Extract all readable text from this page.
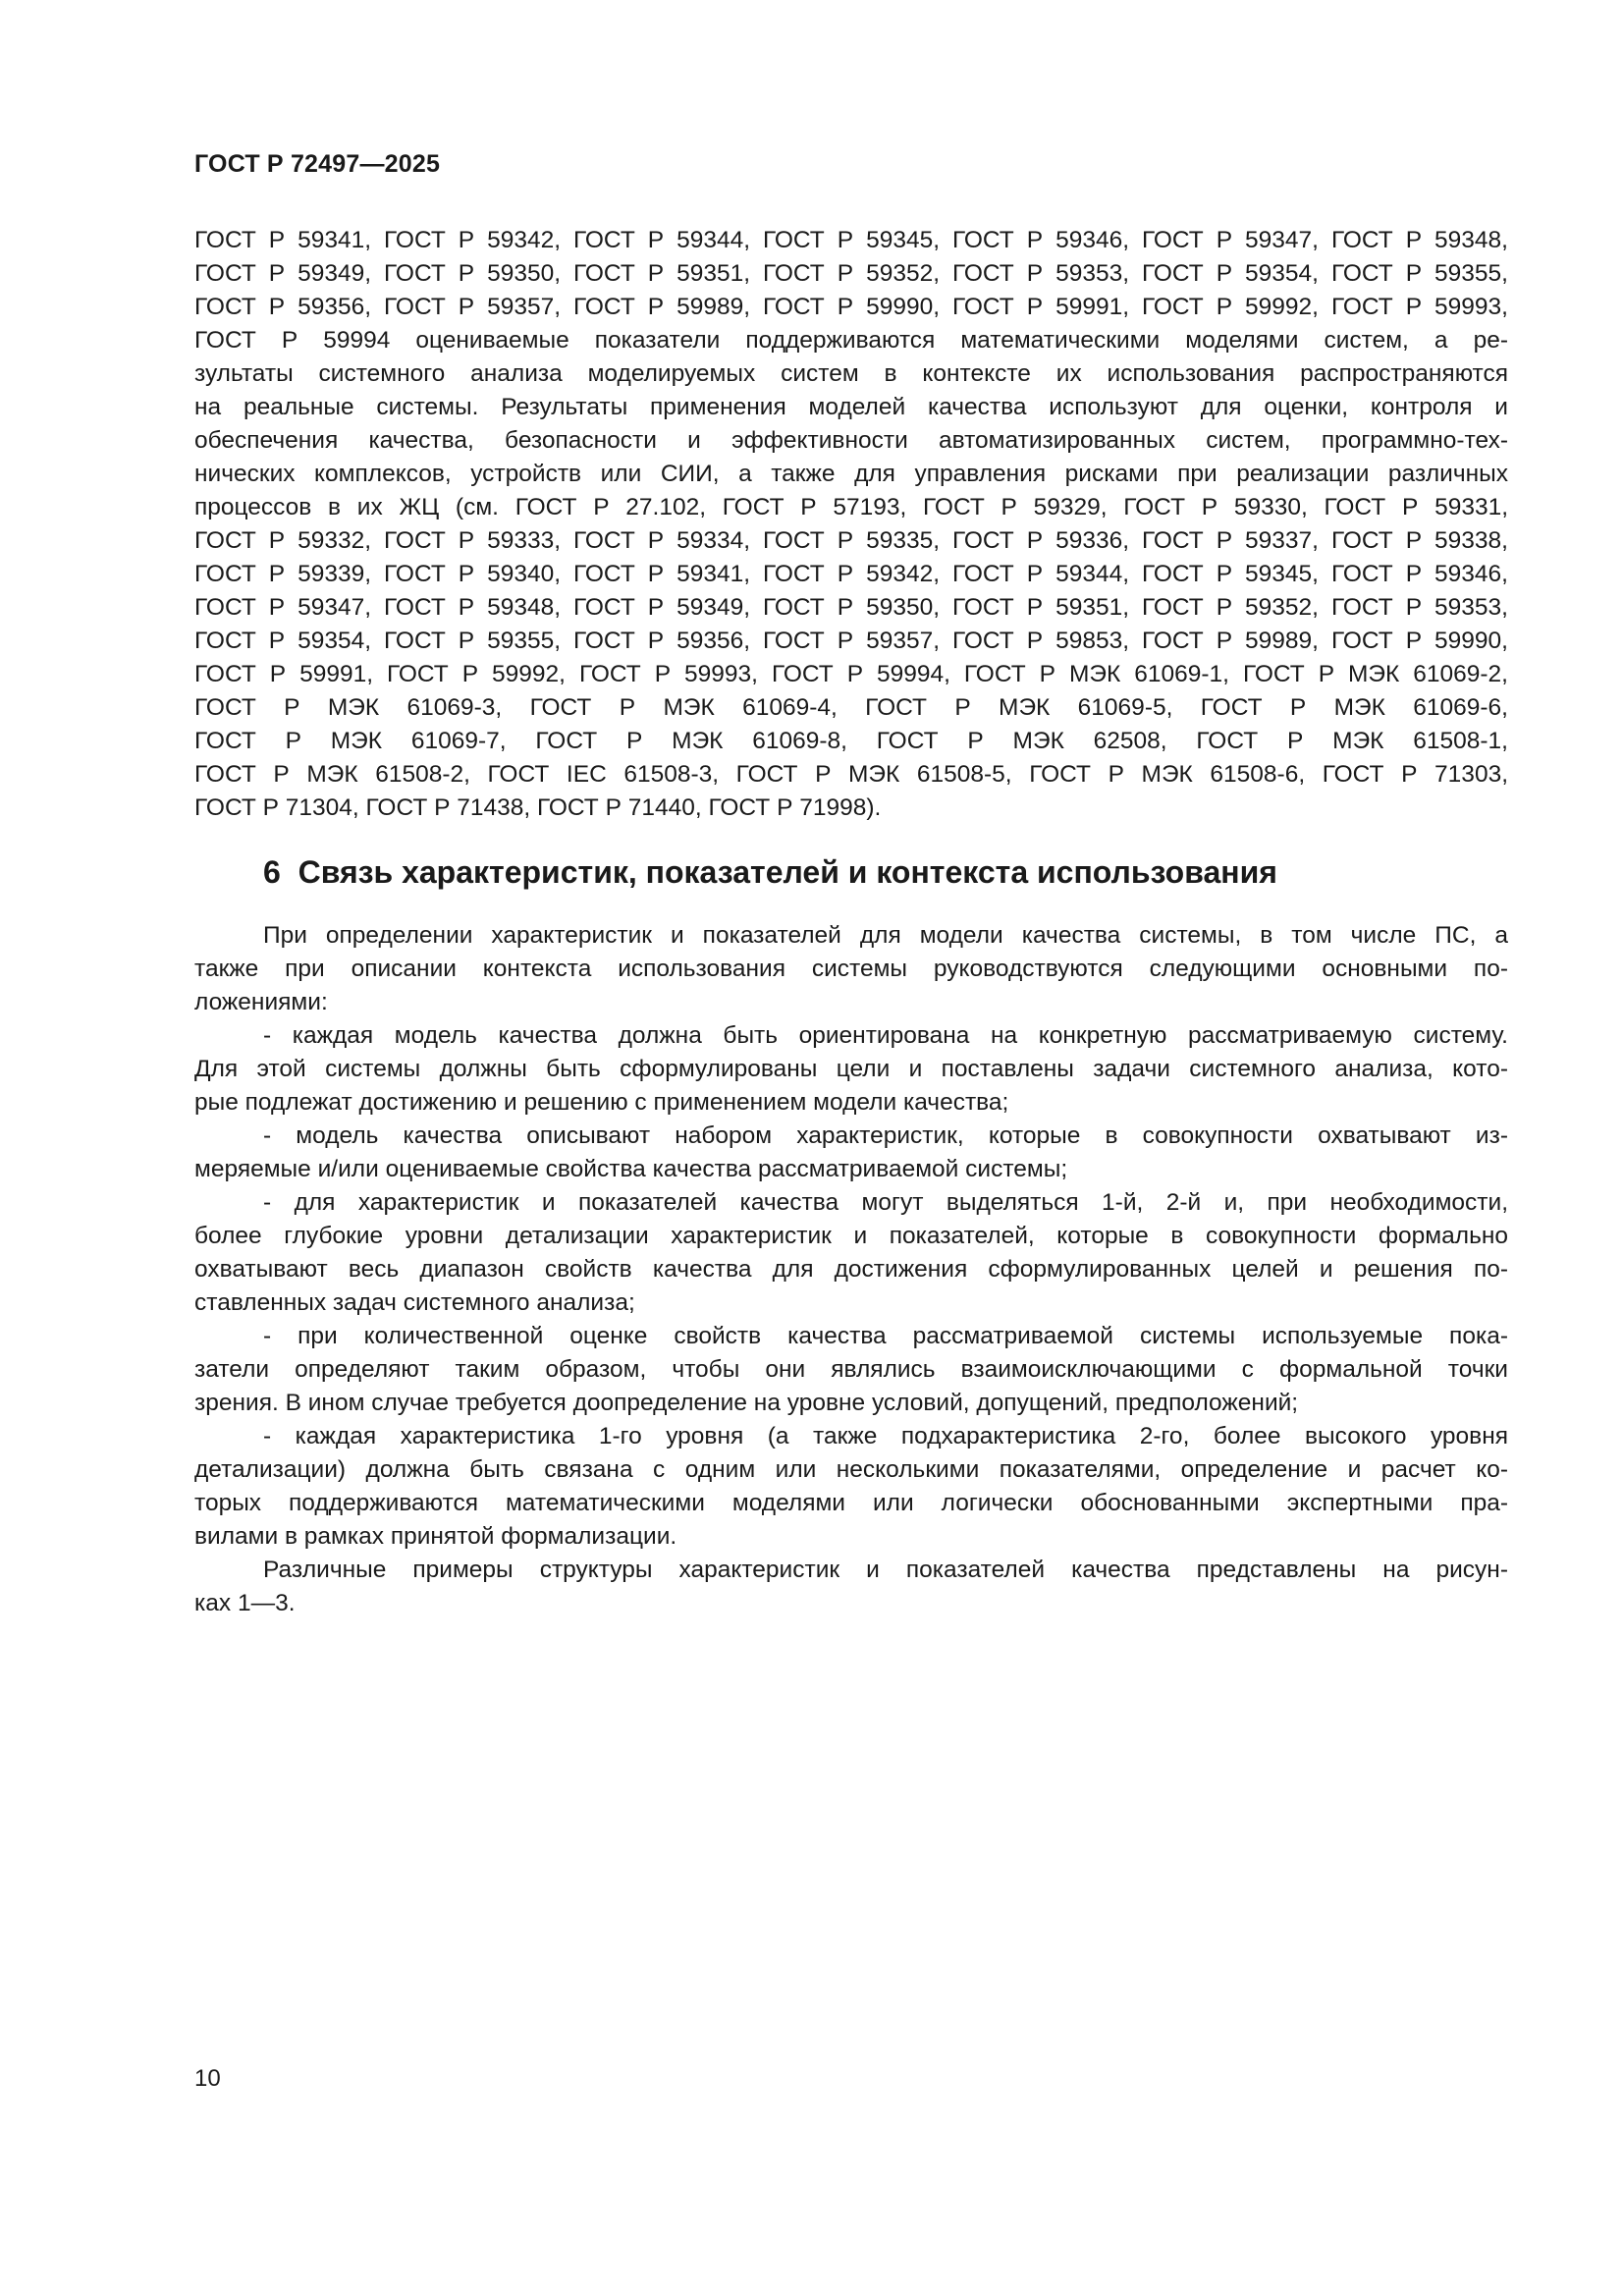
ГОСТ Р 72497—2025
ГОСТ Р 59341, ГОСТ Р 59342, ГОСТ Р 59344, ГОСТ Р 59345, ГОСТ Р 59346, ГОСТ Р 59347, ГОСТ Р 59348,
ГОСТ Р 59349, ГОСТ Р 59350, ГОСТ Р 59351, ГОСТ Р 59352, ГОСТ Р 59353, ГОСТ Р 59354, ГОСТ Р 59355,
ГОСТ Р 59356, ГОСТ Р 59357, ГОСТ Р 59989, ГОСТ Р 59990, ГОСТ Р 59991, ГОСТ Р 59992, ГОСТ Р 59993,
ГОСТ Р 59994 оцениваемые показатели поддерживаются математическими моделями систем, а ре-
зультаты системного анализа моделируемых систем в контексте их использования распространяются
на реальные системы. Результаты применения моделей качества используют для оценки, контроля и
обеспечения качества, безопасности и эффективности автоматизированных систем, программно-тех-
нических комплексов, устройств или СИИ, а также для управления рисками при реализации различных
процессов в их ЖЦ (см. ГОСТ Р 27.102, ГОСТ Р 57193, ГОСТ Р 59329, ГОСТ Р 59330, ГОСТ Р 59331,
ГОСТ Р 59332, ГОСТ Р 59333, ГОСТ Р 59334, ГОСТ Р 59335, ГОСТ Р 59336, ГОСТ Р 59337, ГОСТ Р 59338,
ГОСТ Р 59339, ГОСТ Р 59340, ГОСТ Р 59341, ГОСТ Р 59342, ГОСТ Р 59344, ГОСТ Р 59345, ГОСТ Р 59346,
ГОСТ Р 59347, ГОСТ Р 59348, ГОСТ Р 59349, ГОСТ Р 59350, ГОСТ Р 59351, ГОСТ Р 59352, ГОСТ Р 59353,
ГОСТ Р 59354, ГОСТ Р 59355, ГОСТ Р 59356, ГОСТ Р 59357, ГОСТ Р 59853, ГОСТ Р 59989, ГОСТ Р 59990,
ГОСТ Р 59991, ГОСТ Р 59992, ГОСТ Р 59993, ГОСТ Р 59994, ГОСТ Р МЭК 61069-1, ГОСТ Р МЭК 61069-2,
ГОСТ Р МЭК 61069-3, ГОСТ Р МЭК 61069-4, ГОСТ Р МЭК 61069-5, ГОСТ Р МЭК 61069-6,
ГОСТ Р МЭК 61069-7, ГОСТ Р МЭК 61069-8, ГОСТ Р МЭК 62508, ГОСТ Р МЭК 61508-1,
ГОСТ Р МЭК 61508-2, ГОСТ IEC 61508-3, ГОСТ Р МЭК 61508-5, ГОСТ Р МЭК 61508-6, ГОСТ Р 71303,
ГОСТ Р 71304, ГОСТ Р 71438, ГОСТ Р 71440, ГОСТ Р 71998).
6 Связь характеристик, показателей и контекста использования
При определении характеристик и показателей для модели качества системы, в том числе ПС, а
также при описании контекста использования системы руководствуются следующими основными по-
ложениями:
- каждая модель качества должна быть ориентирована на конкретную рассматриваемую систему.
Для этой системы должны быть сформулированы цели и поставлены задачи системного анализа, кото-
рые подлежат достижению и решению с применением модели качества;
- модель качества описывают набором характеристик, которые в совокупности охватывают из-
меряемые и/или оцениваемые свойства качества рассматриваемой системы;
- для характеристик и показателей качества могут выделяться 1-й, 2-й и, при необходимости,
более глубокие уровни детализации характеристик и показателей, которые в совокупности формально
охватывают весь диапазон свойств качества для достижения сформулированных целей и решения по-
ставленных задач системного анализа;
- при количественной оценке свойств качества рассматриваемой системы используемые пока-
затели определяют таким образом, чтобы они являлись взаимоисключающими с формальной точки
зрения. В ином случае требуется доопределение на уровне условий, допущений, предположений;
- каждая характеристика 1-го уровня (а также подхарактеристика 2-го, более высокого уровня
детализации) должна быть связана с одним или несколькими показателями, определение и расчет ко-
торых поддерживаются математическими моделями или логически обоснованными экспертными пра-
вилами в рамках принятой формализации.
Различные примеры структуры характеристик и показателей качества представлены на рисун-
ках 1—3.
10
